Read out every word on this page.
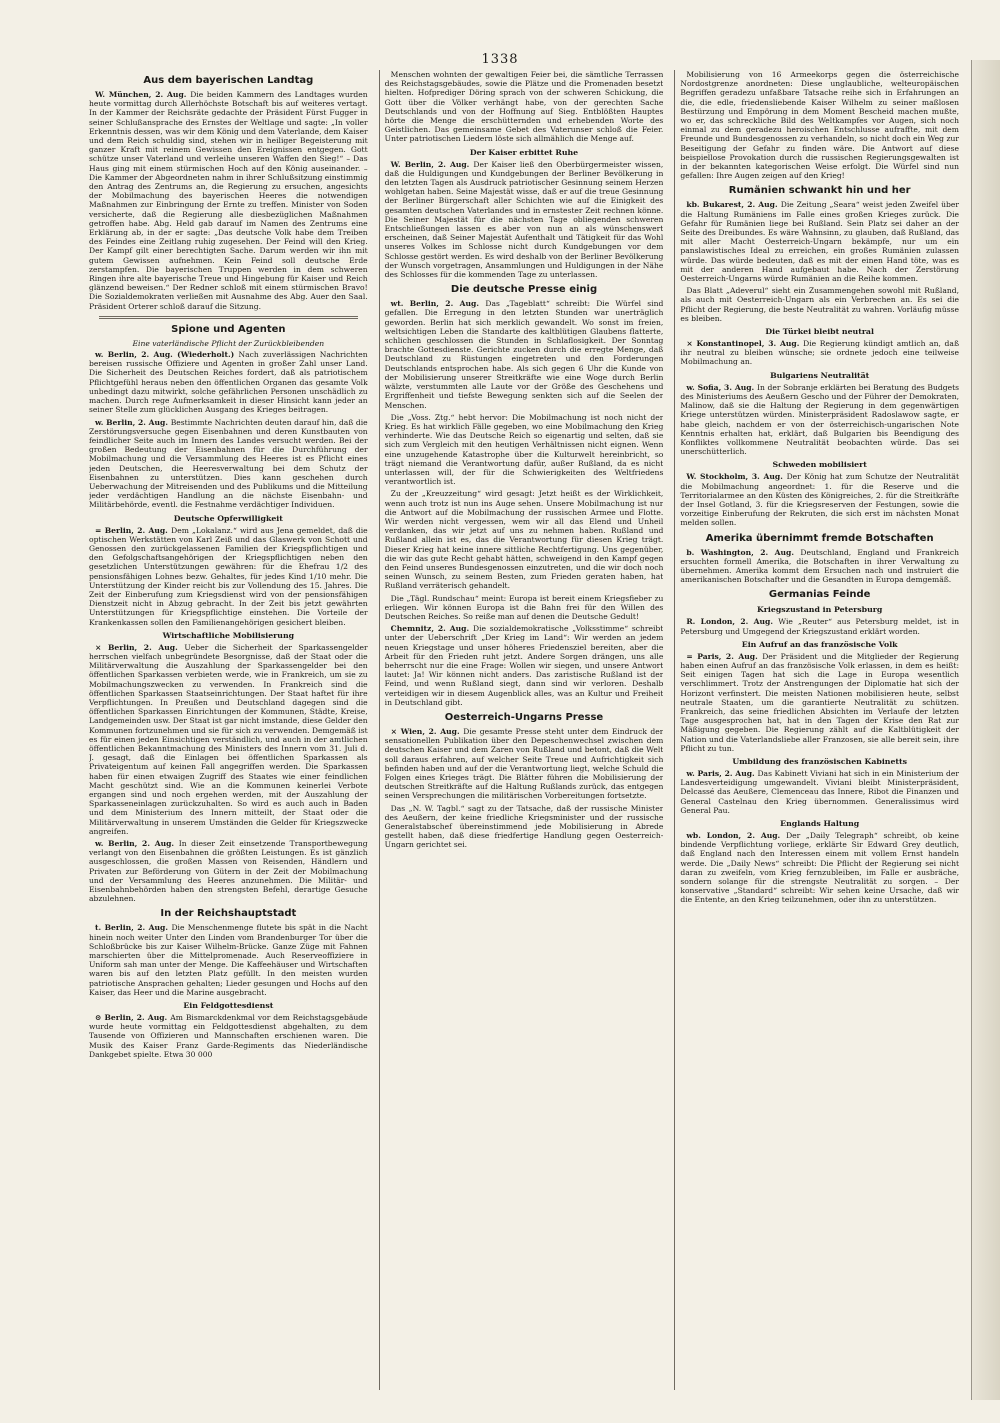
1338
Aus dem bayerischen Landtag

W. München, 2. Aug. Die beiden Kammern des Landtages wurden heute vormittag durch Allerhöchste Botschaft bis auf weiteres vertagt. In der Kammer der Reichsräte gedachte der Präsident Fürst Fugger in seiner Schlußansprache des Ernstes der Weltlage und sagte: „In voller Erkenntnis dessen, was wir dem König und dem Vaterlande, dem Kaiser und dem Reich schuldig sind, stehen wir in heiliger Begeisterung mit ganzer Kraft mit reinem Gewissen den Ereignissen entgegen. Gott schütze unser Vaterland und verleihe unseren Waffen den Sieg!“ – Das Haus ging mit einem stürmischen Hoch auf den König auseinander. – Die Kammer der Abgeordneten nahm in ihrer Schlußsitzung einstimmig den Antrag des Zentrums an, die Regierung zu ersuchen, angesichts der Mobilmachung des bayerischen Heeres die notwendigen Maßnahmen zur Einbringung der Ernte zu treffen. Minister von Soden versicherte, daß die Regierung alle diesbezüglichen Maßnahmen getroffen habe. Abg. Held gab darauf im Namen des Zentrums eine Erklärung ab, in der er sagte: „Das deutsche Volk habe dem Treiben des Feindes eine Zeitlang ruhig zugesehen. Der Feind will den Krieg. Der Kampf gilt einer berechtigten Sache. Darum werden wir ihn mit gutem Gewissen aufnehmen. Kein Feind soll deutsche Erde zerstampfen. Die bayerischen Truppen werden in dem schweren Ringen ihre alte bayerische Treue und Hingebung für Kaiser und Reich glänzend beweisen.“ Der Redner schloß mit einem stürmischen Bravo! Die Sozialdemokraten verließen mit Ausnahme des Abg. Auer den Saal. Präsident Orterer schloß darauf die Sitzung.

Spione und Agenten
Eine vaterländische Pflicht der Zurückbleibenden

w. Berlin, 2. Aug. (Wiederholt.) Nach zuverlässigen Nachrichten bereisen russische Offiziere und Agenten in großer Zahl unser Land. Die Sicherheit des Deutschen Reiches fordert, daß als patriotischem Pflichtgefühl heraus neben den öffentlichen Organen das gesamte Volk unbedingt dazu mitwirkt, solche gefährlichen Personen unschädlich zu machen. Durch rege Aufmerksamkeit in dieser Hinsicht kann jeder an seiner Stelle zum glücklichen Ausgang des Krieges beitragen.

w. Berlin, 2. Aug. Bestimmte Nachrichten deuten darauf hin, daß die Zerstörungsversuche gegen Eisenbahnen und deren Kunstbauten von feindlicher Seite auch im Innern des Landes versucht werden. Bei der großen Bedeutung der Eisenbahnen für die Durchführung der Mobilmachung und die Versammlung des Heeres ist es Pflicht eines jeden Deutschen, die Heeresverwaltung bei dem Schutz der Eisenbahnen zu unterstützen. Dies kann geschehen durch Ueberwachung der Mitreisenden und des Publikums und die Mitteilung jeder verdächtigen Handlung an die nächste Eisenbahn- und Militärbehörde, eventl. die Festnahme verdächtiger Individuen.

Deutsche Opferwilligkeit

= Berlin, 2. Aug. Dem „Lokalanz.“ wird aus Jena gemeldet, daß die optischen Werkstätten von Karl Zeiß und das Glaswerk von Schott und Genossen den zurückgelassenen Familien der Kriegspflichtigen und den Gefolgschaftsangehörigen der Kriegspflichtigen neben den gesetzlichen Unterstützungen gewähren: für die Ehefrau 1/2 des pensionsfähigen Lohnes bezw. Gehaltes, für jedes Kind 1/10 mehr. Die Unterstützung der Kinder reicht bis zur Vollendung des 15. Jahres. Die Zeit der Einberufung zum Kriegsdienst wird von der pensionsfähigen Dienstzeit nicht in Abzug gebracht. In der Zeit bis jetzt gewährten Unterstützungen für Kriegspflichtige einstehen. Die Vorteile der Krankenkassen sollen den Familienangehörigen gesichert bleiben.

Wirtschaftliche Mobilisierung

× Berlin, 2. Aug. Ueber die Sicherheit der Sparkassengelder herrschen vielfach unbegründete Besorgnisse, daß der Staat oder die Militärverwaltung die Auszahlung der Sparkassengelder bei den öffentlichen Sparkassen verbieten werde, wie in Frankreich, um sie zu Mobilmachungszwecken zu verwenden. In Frankreich sind die öffentlichen Sparkassen Staatseinrichtungen. Der Staat haftet für ihre Verpflichtungen. In Preußen und Deutschland dagegen sind die öffentlichen Sparkassen Einrichtungen der Kommunen, Städte, Kreise, Landgemeinden usw. Der Staat ist gar nicht imstande, diese Gelder den Kommunen fortzunehmen und sie für sich zu verwenden. Demgemäß ist es für einen jeden Einsichtigen verständlich, und auch in der amtlichen öffentlichen Bekanntmachung des Ministers des Innern vom 31. Juli d. J. gesagt, daß die Einlagen bei öffentlichen Sparkassen als Privateigentum auf keinen Fall angegriffen werden. Die Sparkassen haben für einen etwaigen Zugriff des Staates wie einer feindlichen Macht geschützt sind. Wie an die Kommunen keinerlei Verbote ergangen sind und noch ergehen werden, mit der Auszahlung der Sparkasseneinlagen zurückzuhalten. So wird es auch auch in Baden und dem Ministerium des Innern mitteilt, der Staat oder die Militärverwaltung in unserem Umständen die Gelder für Kriegszwecke angreifen.

w. Berlin, 2. Aug. In dieser Zeit einsetzende Transportbewegung verlangt von den Eisenbahnen die größten Leistungen. Es ist gänzlich ausgeschlossen, die großen Massen von Reisenden, Händlern und Privaten zur Beförderung von Gütern in der Zeit der Mobilmachung und der Versammlung des Heeres anzunehmen. Die Militär- und Eisenbahnbehörden haben den strengsten Befehl, derartige Gesuche abzulehnen.

In der Reichshauptstadt

t. Berlin, 2. Aug. Die Menschenmenge flutete bis spät in die Nacht hinein noch weiter Unter den Linden vom Brandenburger Tor über die Schloßbrücke bis zur Kaiser Wilhelm-Brücke. Ganze Züge mit Fahnen marschierten über die Mittelpromenade. Auch Reserveoffiziere in Uniform sah man unter der Menge. Die Kaffeehäuser und Wirtschaften waren bis auf den letzten Platz gefüllt. In den meisten wurden patriotische Ansprachen gehalten; Lieder gesungen und Hochs auf den Kaiser, das Heer und die Marine ausgebracht.

Ein Feldgottesdienst

⊙ Berlin, 2. Aug. Am Bismarckdenkmal vor dem Reichstagsgebäude wurde heute vormittag ein Feldgottesdienst abgehalten, zu dem Tausende von Offizieren und Mannschaften erschienen waren. Die Musik des Kaiser Franz Garde-Regiments das Niederländische Dankgebet spielte. Etwa 30 000

Menschen wohnten der gewaltigen Feier bei, die sämtliche Terrassen des Reichstagsgebäudes, sowie die Plätze und die Promenaden besetzt hielten. Hofprediger Döring sprach von der schweren Schickung, die Gott über die Völker verhängt habe, von der gerechten Sache Deutschlands und von der Hoffnung auf Sieg. Entblößten Hauptes hörte die Menge die erschütternden und erhebenden Worte des Geistlichen. Das gemeinsame Gebet des Vaterunser schloß die Feier. Unter patriotischen Liedern löste sich allmählich die Menge auf.

Der Kaiser erbittet Ruhe

W. Berlin, 2. Aug. Der Kaiser ließ den Oberbürgermeister wissen, daß die Huldigungen und Kundgebungen der Berliner Bevölkerung in den letzten Tagen als Ausdruck patriotischer Gesinnung seinem Herzen wohlgetan haben. Seine Majestät wisse, daß er auf die treue Gesinnung der Berliner Bürgerschaft aller Schichten wie auf die Einigkeit des gesamten deutschen Vaterlandes und in ernstester Zeit rechnen könne. Die Seiner Majestät für die nächsten Tage obliegenden schweren Entschließungen lassen es aber von nun an als wünschenswert erscheinen, daß Seiner Majestät Aufenthalt und Tätigkeit für das Wohl unseres Volkes im Schlosse nicht durch Kundgebungen vor dem Schlosse gestört werden. Es wird deshalb von der Berliner Bevölkerung der Wunsch vorgetragen, Ansammlungen und Huldigungen in der Nähe des Schlosses für die kommenden Tage zu unterlassen.

Die deutsche Presse einig

wt. Berlin, 2. Aug. Das „Tageblatt“ schreibt: Die Würfel sind gefallen. Die Erregung in den letzten Stunden war unerträglich geworden. Berlin hat sich merklich gewandelt. Wo sonst im freien, weltsichtigen Leben die Standarte des kaltblütigen Glaubens flatterte, schlichen geschlossen die Stunden in Schlaflosigkeit. Der Sonntag brachte Gottesdienste. Gerichte zucken durch die erregte Menge, daß Deutschland zu Rüstungen eingetreten und den Forderungen Deutschlands entsprochen habe. Als sich gegen 6 Uhr die Kunde von der Mobilisierung unserer Streitkräfte wie eine Woge durch Berlin wälzte, verstummten alle Laute vor der Größe des Geschehens und Ergriffenheit und tiefste Bewegung senkten sich auf die Seelen der Menschen.

Die „Voss. Ztg.“ hebt hervor: Die Mobilmachung ist noch nicht der Krieg. Es hat wirklich Fälle gegeben, wo eine Mobilmachung den Krieg verhinderte. Wie das Deutsche Reich so eigenartig und selten, daß sie sich zum Vergleich mit den heutigen Verhältnissen nicht eignen. Wenn eine unzugehende Katastrophe über die Kulturwelt hereinbricht, so trägt niemand die Verantwortung dafür, außer Rußland, da es nicht unterlassen will, der für die Schwierigkeiten des Weltfriedens verantwortlich ist.

Zu der „Kreuzzeitung“ wird gesagt: Jetzt heißt es der Wirklichkeit, wenn auch trotz ist nun ins Auge sehen. Unsere Mobilmachung ist nur die Antwort auf die Mobilmachung der russischen Armee und Flotte. Wir werden nicht vergessen, wem wir all das Elend und Unheil verdanken, das wir jetzt auf uns zu nehmen haben. Rußland und Rußland allein ist es, das die Verantwortung für diesen Krieg trägt. Dieser Krieg hat keine innere sittliche Rechtfertigung. Uns gegenüber, die wir das gute Recht gehabt hätten, schweigend in den Kampf gegen den Feind unseres Bundesgenossen einzutreten, und die wir doch noch seinen Wunsch, zu seinem Besten, zum Frieden geraten haben, hat Rußland verräterisch gehandelt.

Die „Tägl. Rundschau“ meint: Europa ist bereit einem Kriegsfieber zu erliegen. Wir können Europa ist die Bahn frei für den Willen des Deutschen Reiches. So reiße man auf denen die Deutsche Gedult!

Chemnitz, 2. Aug. Die sozialdemokratische „Volksstimme“ schreibt unter der Ueberschrift „Der Krieg im Land“: Wir werden an jedem neuen Kriegstage und unser höheres Friedensziel bereiten, aber die Arbeit für den Frieden ruht jetzt. Andere Sorgen drängen, uns alle beherrscht nur die eine Frage: Wollen wir siegen, und unsere Antwort lautet: Ja! Wir können nicht anders. Das zaristische Rußland ist der Feind, und wenn Rußland siegt, dann sind wir verloren. Deshalb verteidigen wir in diesem Augenblick alles, was an Kultur und Freiheit in Deutschland gibt.

Oesterreich-Ungarns Presse

× Wien, 2. Aug. Die gesamte Presse steht unter dem Eindruck der sensationellen Publikation über den Depeschenwechsel zwischen dem deutschen Kaiser und dem Zaren von Rußland und betont, daß die Welt soll daraus erfahren, auf welcher Seite Treue und Aufrichtigkeit sich befinden haben und auf der die Verantwortung liegt, welche Schuld die Folgen eines Krieges trägt. Die Blätter führen die Mobilisierung der deutschen Streitkräfte auf die Haltung Rußlands zurück, das entgegen seinen Versprechungen die militärischen Vorbereitungen fortsetzte.

Das „N. W. Tagbl.“ sagt zu der Tatsache, daß der russische Minister des Aeußern, der keine friedliche Kriegsminister und der russische Generalstabschef übereinstimmend jede Mobilisierung in Abrede gestellt haben, daß diese friedfertige Handlung gegen Oesterreich-Ungarn gerichtet sei.

Mobilisierung von 16 Armeekorps gegen die österreichische Nordostgrenze anordneten: Diese unglaubliche, welteuropäischen Begriffen geradezu unfaßbare Tatsache reihe sich in Erfahrungen an die, die edle, friedensliebende Kaiser Wilhelm zu seiner maßlosen Bestürzung und Empörung in dem Moment Bescheid machen mußte, wo er, das schreckliche Bild des Weltkampfes vor Augen, sich noch einmal zu dem geradezu heroischen Entschlusse aufraffte, mit dem Freunde und Bundesgenossen zu verhandeln, so nicht doch ein Weg zur Beseitigung der Gefahr zu finden wäre. Die Antwort auf diese beispiellose Provokation durch die russischen Regierungsgewalten ist in der bekannten kategorischen Weise erfolgt. Die Würfel sind nun gefallen: Ihre Augen zeigen auf den Krieg!

Rumänien schwankt hin und her

kb. Bukarest, 2. Aug. Die Zeitung „Seara“ weist jeden Zweifel über die Haltung Rumäniens im Falle eines großen Krieges zurück. Die Gefahr für Rumänien liege bei Rußland. Sein Platz sei daher an der Seite des Dreibundes. Es wäre Wahnsinn, zu glauben, daß Rußland, das mit aller Macht Oesterreich-Ungarn bekämpfe, nur um ein panslawistisches Ideal zu erreichen, ein großes Rumänien zulassen würde. Das würde bedeuten, daß es mit der einen Hand töte, was es mit der anderen Hand aufgebaut habe. Nach der Zerstörung Oesterreich-Ungarns würde Rumänien an die Reihe kommen.

Das Blatt „Adeverul“ sieht ein Zusammengehen sowohl mit Rußland, als auch mit Oesterreich-Ungarn als ein Verbrechen an. Es sei die Pflicht der Regierung, die beste Neutralität zu wahren. Vorläufig müsse es bleiben.

Die Türkei bleibt neutral

× Konstantinopel, 3. Aug. Die Regierung kündigt amtlich an, daß ihr neutral zu bleiben wünsche; sie ordnete jedoch eine teilweise Mobilmachung an.

Bulgariens Neutralität

w. Sofia, 3. Aug. In der Sobranje erklärten bei Beratung des Budgets des Ministeriums des Aeußern Gescho und der Führer der Demokraten, Malinow, daß sie die Haltung der Regierung in dem gegenwärtigen Kriege unterstützen würden. Ministerpräsident Radoslawow sagte, er habe gleich, nachdem er von der österreichisch-ungarischen Note Kenntnis erhalten hat, erklärt, daß Bulgarien bis Beendigung des Konfliktes vollkommene Neutralität beobachten würde. Das sei unerschütterlich.

Schweden mobilisiert

W. Stockholm, 3. Aug. Der König hat zum Schutze der Neutralität die Mobilmachung angeordnet: 1. für die Reserve und die Territorialarmee an den Küsten des Königreiches, 2. für die Streitkräfte der Insel Gotland, 3. für die Kriegsreserven der Festungen, sowie die vorzeitige Einberufung der Rekruten, die sich erst im nächsten Monat melden sollen.

Amerika übernimmt fremde Botschaften

b. Washington, 2. Aug. Deutschland, England und Frankreich ersuchten formell Amerika, die Botschaften in ihrer Verwaltung zu übernehmen. Amerika kommt dem Ersuchen nach und instruiert die amerikanischen Botschafter und die Gesandten in Europa demgemäß.

Germanias Feinde
Kriegszustand in Petersburg

R. London, 2. Aug. Wie „Reuter“ aus Petersburg meldet, ist in Petersburg und Umgegend der Kriegszustand erklärt worden.

Ein Aufruf an das französische Volk

= Paris, 2. Aug. Der Präsident und die Mitglieder der Regierung haben einen Aufruf an das französische Volk erlassen, in dem es heißt: Seit einigen Tagen hat sich die Lage in Europa wesentlich verschlimmert. Trotz der Anstrengungen der Diplomatie hat sich der Horizont verfinstert. Die meisten Nationen mobilisieren heute, selbst neutrale Staaten, um die garantierte Neutralität zu schützen. Frankreich, das seine friedlichen Absichten im Verlaufe der letzten Tage ausgesprochen hat, hat in den Tagen der Krise den Rat zur Mäßigung gegeben. Die Regierung zählt auf die Kaltblütigkeit der Nation und die Vaterlandsliebe aller Franzosen, sie alle bereit sein, ihre Pflicht zu tun.

Umbildung des französischen Kabinetts

w. Paris, 2. Aug. Das Kabinett Viviani hat sich in ein Ministerium der Landesverteidigung umgewandelt. Viviani bleibt Ministerpräsident, Delcassé das Aeußere, Clemenceau das Innere, Ribot die Finanzen und General Castelnau den Krieg übernommen. Generalissimus wird General Pau.

Englands Haltung

wb. London, 2. Aug. Der „Daily Telegraph“ schreibt, ob keine bindende Verpflichtung vorliege, erklärte Sir Edward Grey deutlich, daß England nach den Interessen einem mit vollem Ernst handeln werde. Die „Daily News“ schreibt: Die Pflicht der Regierung sei nicht daran zu zweifeln, vom Krieg fernzubleiben, im Falle er ausbräche, sondern solange für die strengste Neutralität zu sorgen. – Der konservative „Standard“ schreibt: Wir sehen keine Ursache, daß wir die Entente, an den Krieg teilzunehmen, oder ihn zu unterstützen.
